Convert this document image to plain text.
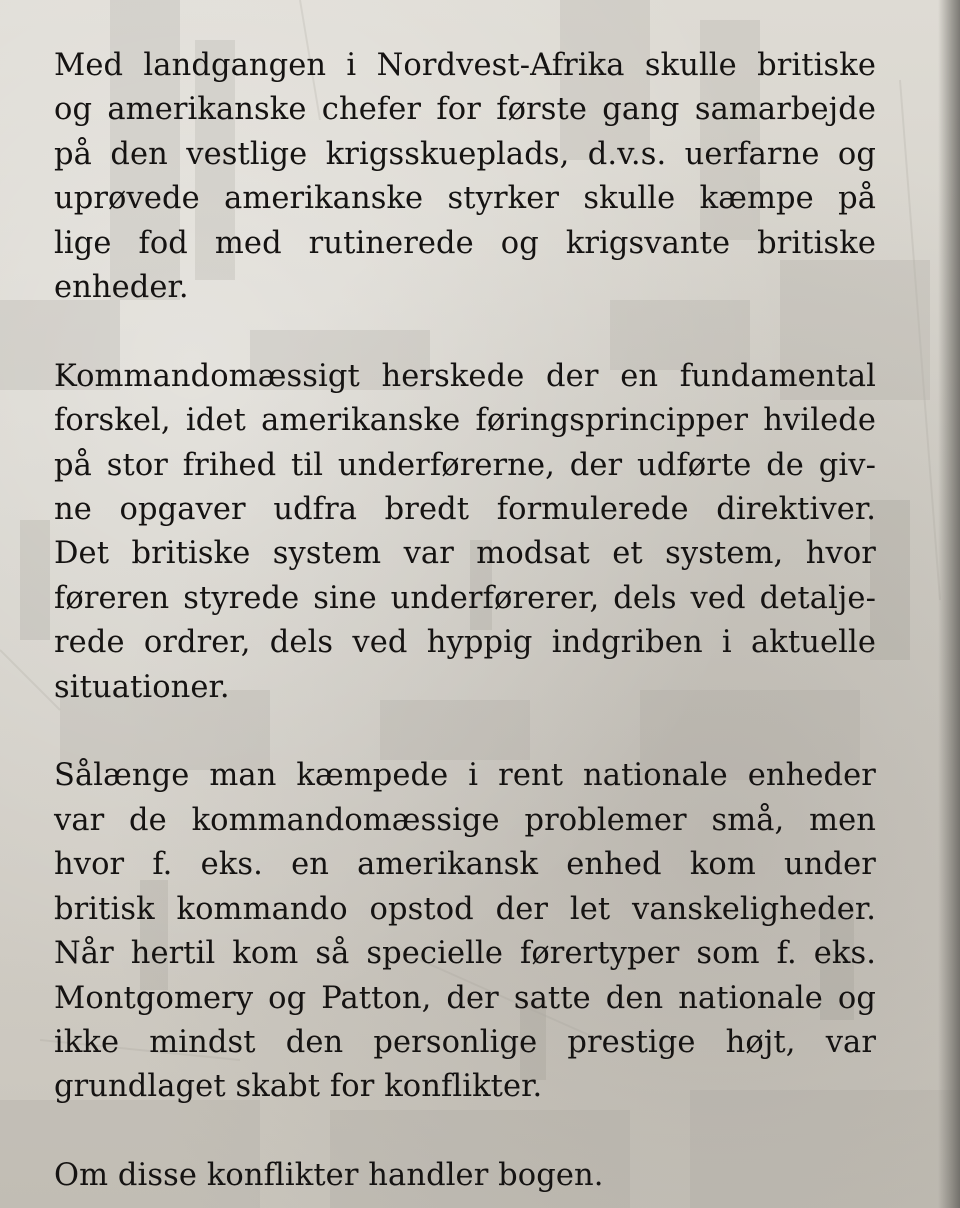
Med landgangen i Nordvest-Afrika skulle britiske
og amerikanske chefer for første gang samarbejde
på den vestlige krigsskueplads, d.v.s. uerfarne og
uprøvede amerikanske styrker skulle kæmpe på
lige fod med rutinerede og krigsvante britiske
enheder.

Kommandomæssigt herskede der en fundamental
forskel, idet amerikanske føringsprincipper hvilede
på stor frihed til underførerne, der udførte de giv-
ne opgaver udfra bredt formulerede direktiver.
Det britiske system var modsat et system, hvor
føreren styrede sine underførerer, dels ved detalje-
rede ordrer, dels ved hyppig indgriben i aktuelle
situationer.

Sålænge man kæmpede i rent nationale enheder
var de kommandomæssige problemer små, men
hvor f. eks. en amerikansk enhed kom under
britisk kommando opstod der let vanskeligheder.
Når hertil kom så specielle førertyper som f. eks.
Montgomery og Patton, der satte den nationale og
ikke mindst den personlige prestige højt, var
grundlaget skabt for konflikter.

Om disse konflikter handler bogen.
